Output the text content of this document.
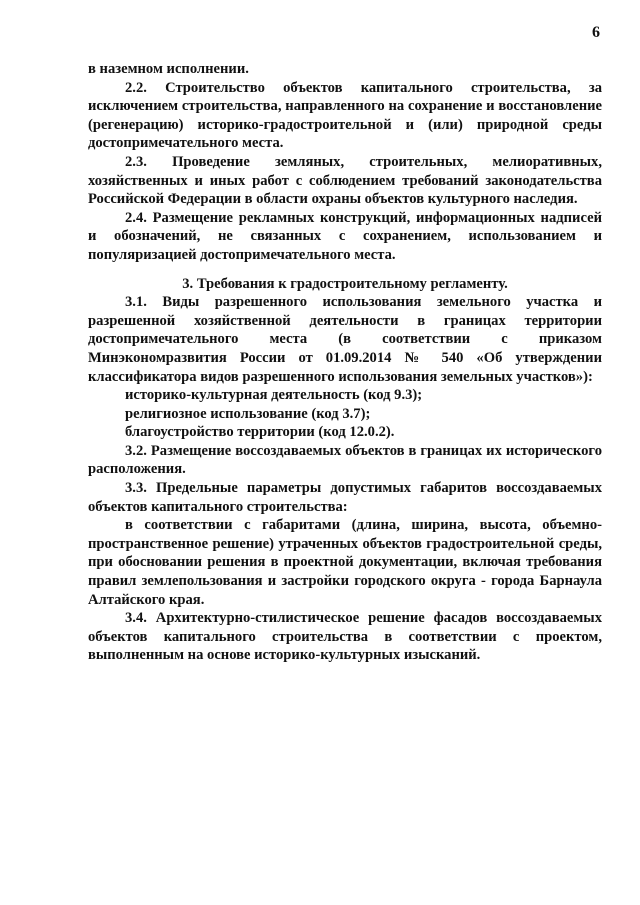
6

в наземном исполнении.

2.2. Строительство объектов капитального строительства, за исключением строительства, направленного на сохранение и восстановление (регенерацию) историко-градостроительной и (или) природной среды достопримечательного места.

2.3. Проведение земляных, строительных, мелиоративных, хозяйственных и иных работ с соблюдением требований законодательства Российской Федерации в области охраны объектов культурного наследия.

2.4. Размещение рекламных конструкций, информационных надписей и обозначений, не связанных с сохранением, использованием и популяризацией достопримечательного места.

3. Требования к градостроительному регламенту.

3.1. Виды разрешенного использования земельного участка и разрешенной хозяйственной деятельности в границах территории достопримечательного места (в соответствии с приказом Минэкономразвития России от 01.09.2014 № 540 «Об утверждении классификатора видов разрешенного использования земельных участков»):

историко-культурная деятельность (код 9.3);

религиозное использование (код 3.7);

благоустройство территории (код 12.0.2).

3.2. Размещение воссоздаваемых объектов в границах их исторического расположения.

3.3. Предельные параметры допустимых габаритов воссоздаваемых объектов капитального строительства:

в соответствии с габаритами (длина, ширина, высота, объемно-пространственное решение) утраченных объектов градостроительной среды, при обосновании решения в проектной документации, включая требования правил землепользования и застройки городского округа - города Барнаула Алтайского края.

3.4. Архитектурно-стилистическое решение фасадов воссоздаваемых объектов капитального строительства в соответствии с проектом, выполненным на основе историко-культурных изысканий.
